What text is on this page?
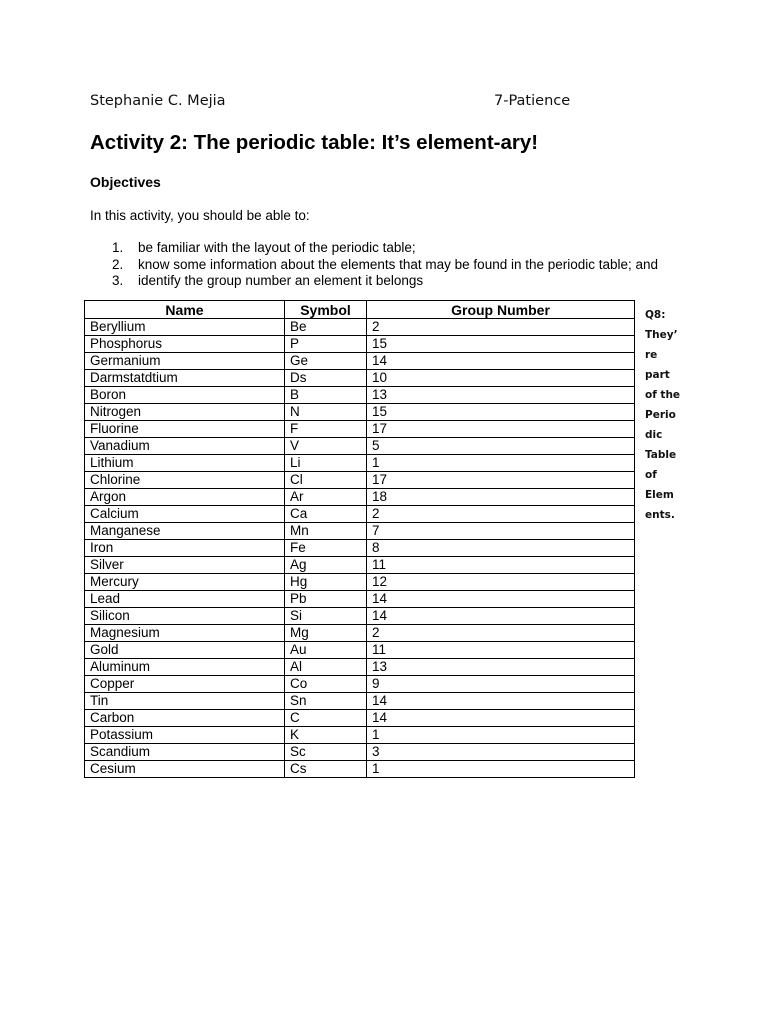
Stephanie C. Mejia	7-Patience
Activity 2: The periodic table: It’s element-ary!
Objectives

In this activity, you should be able to:

1. be familiar with the layout of the periodic table;
2. know some information about the elements that may be found in the periodic table; and
3. identify the group number an element it belongs
Name	Symbol	Group Number
Beryllium	Be	2
Phosphorus	P	15
Germanium	Ge	14
Darmstatdtium	Ds	10
Boron	B	13
Nitrogen	N	15
Fluorine	F	17
Vanadium	V	5
Lithium	Li	1
Chlorine	Cl	17
Argon	Ar	18
Calcium	Ca	2
Manganese	Mn	7
Iron	Fe	8
Silver	Ag	11
Mercury	Hg	12
Lead	Pb	14
Silicon	Si	14
Magnesium	Mg	2
Gold	Au	11
Aluminum	Al	13
Copper	Co	9
Tin	Sn	14
Carbon	C	14
Potassium	K	1
Scandium	Sc	3
Cesium	Cs	1
Q8:
They’
re
part
of the
Perio
dic
Table
of
Elem
ents.
